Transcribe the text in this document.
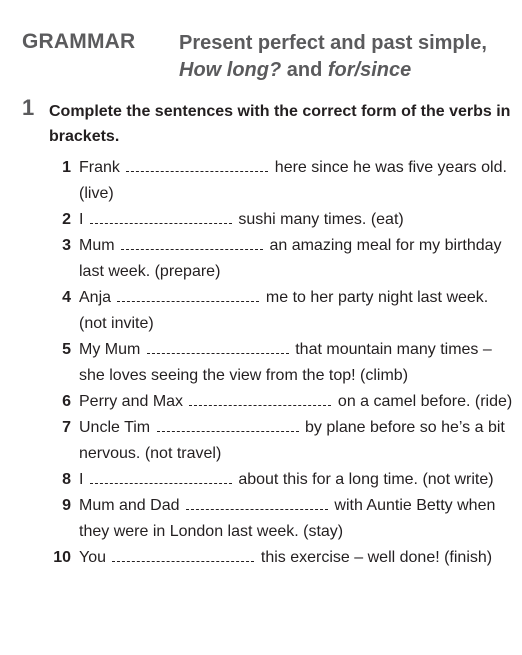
GRAMMAR Present perfect and past simple,
How long? and for/since
1 Complete the sentences with the correct form of the verbs in brackets.
1 Frank	here since he was five years old. (live)
2 I	sushi many times. (eat)
3 Mum	an amazing meal for my birthday last week. (prepare)
4 Anja	me to her party night last week. (not invite)
5 My Mum	that mountain many times – she loves seeing the view from the top! (climb)
6 Perry and Max	on a camel before. (ride)
7 Uncle Tim	by plane before so he’s a bit nervous. (not travel)
8 I	about this for a long time. (not write)
9 Mum and Dad	with Auntie Betty when they were in London last week. (stay)
10 You	this exercise – well done! (finish)
